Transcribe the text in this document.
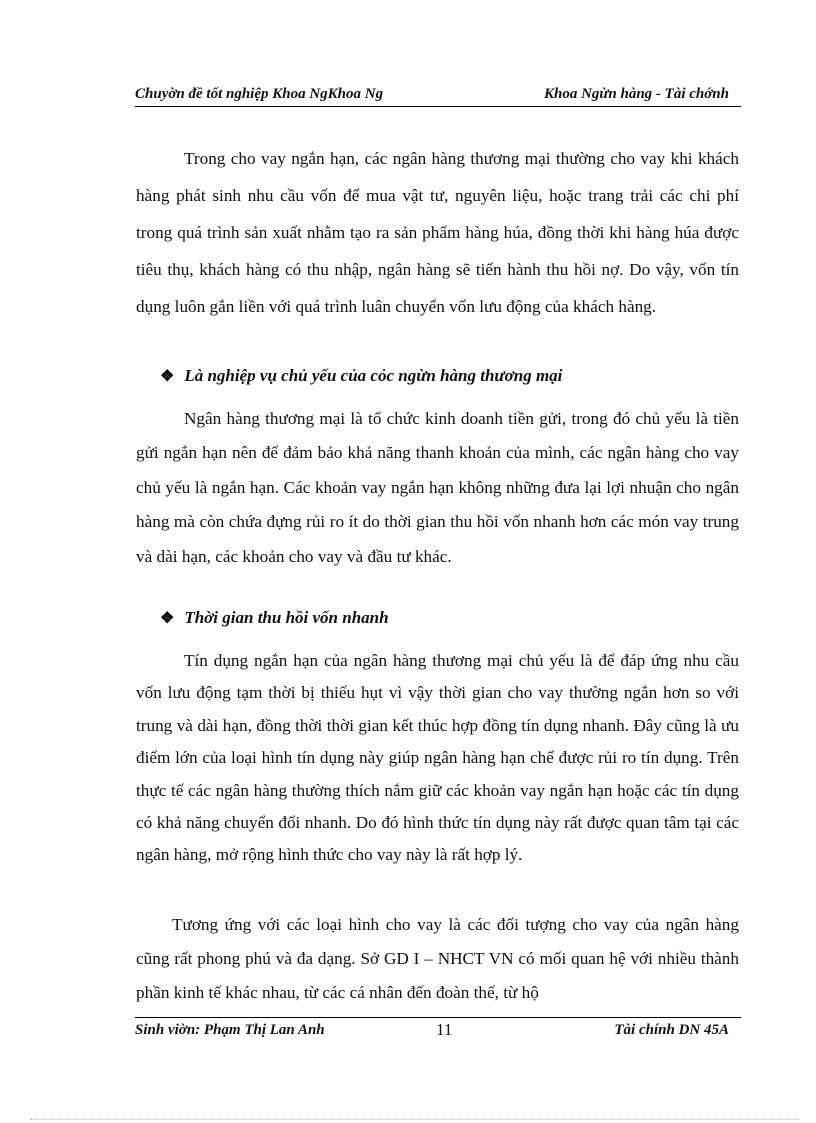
Chuyờn đề tốt nghiệp Khoa NgKhoa Ng	Khoa Ngừn hàng - Tài chớnh

Trong cho vay ngắn hạn, các ngân hàng thương mại thường cho vay khi khách hàng phát sinh nhu cầu vốn để mua vật tư, nguyên liệu, hoặc trang trải các chi phí trong quá trình sản xuất nhằm tạo ra sản phẩm hàng húa, đồng thời khi hàng húa được tiêu thụ, khách hàng có thu nhập, ngân hàng sẽ tiến hành thu hồi nợ. Do vậy, vốn tín dụng luôn gắn liền với quá trình luân chuyển vốn lưu động của khách hàng.

❖ Là nghiệp vụ chủ yếu của cỏc ngừn hàng thương mại

Ngân hàng thương mại là tổ chức kinh doanh tiền gửi, trong đó chủ yếu là tiền gửi ngắn hạn nên để đảm bảo khả năng thanh khoản của mình, các ngân hàng cho vay chủ yếu là ngắn hạn. Các khoản vay ngắn hạn không những đưa lại lợi nhuận cho ngân hàng mà còn chứa đựng rủi ro ít do thời gian thu hồi vốn nhanh hơn các món vay trung và dài hạn, các khoản cho vay và đầu tư khác.

❖ Thời gian thu hồi vốn nhanh

Tín dụng ngắn hạn của ngân hàng thương mại chủ yếu là để đáp ứng nhu cầu vốn lưu động tạm thời bị thiếu hụt vì vậy thời gian cho vay thường ngắn hơn so với trung và dài hạn, đồng thời thời gian kết thúc hợp đồng tín dụng nhanh. Đây cũng là ưu điểm lớn của loại hình tín dụng này giúp ngân hàng hạn chế được rủi ro tín dụng. Trên thực tế các ngân hàng thường thích nắm giữ các khoản vay ngắn hạn hoặc các tín dụng có khả năng chuyển đổi nhanh. Do đó hình thức tín dụng này rất được quan tâm tại các ngân hàng, mở rộng hình thức cho vay này là rất hợp lý.

Tương ứng với các loại hình cho vay là các đối tượng cho vay của ngân hàng cũng rất phong phú và đa dạng. Sở GD I – NHCT VN có mối quan hệ với nhiều thành phần kinh tế khác nhau, từ các cá nhân đến đoàn thể, từ hộ

Sinh viờn: Phạm Thị Lan Anh	11	Tài chính DN 45A
